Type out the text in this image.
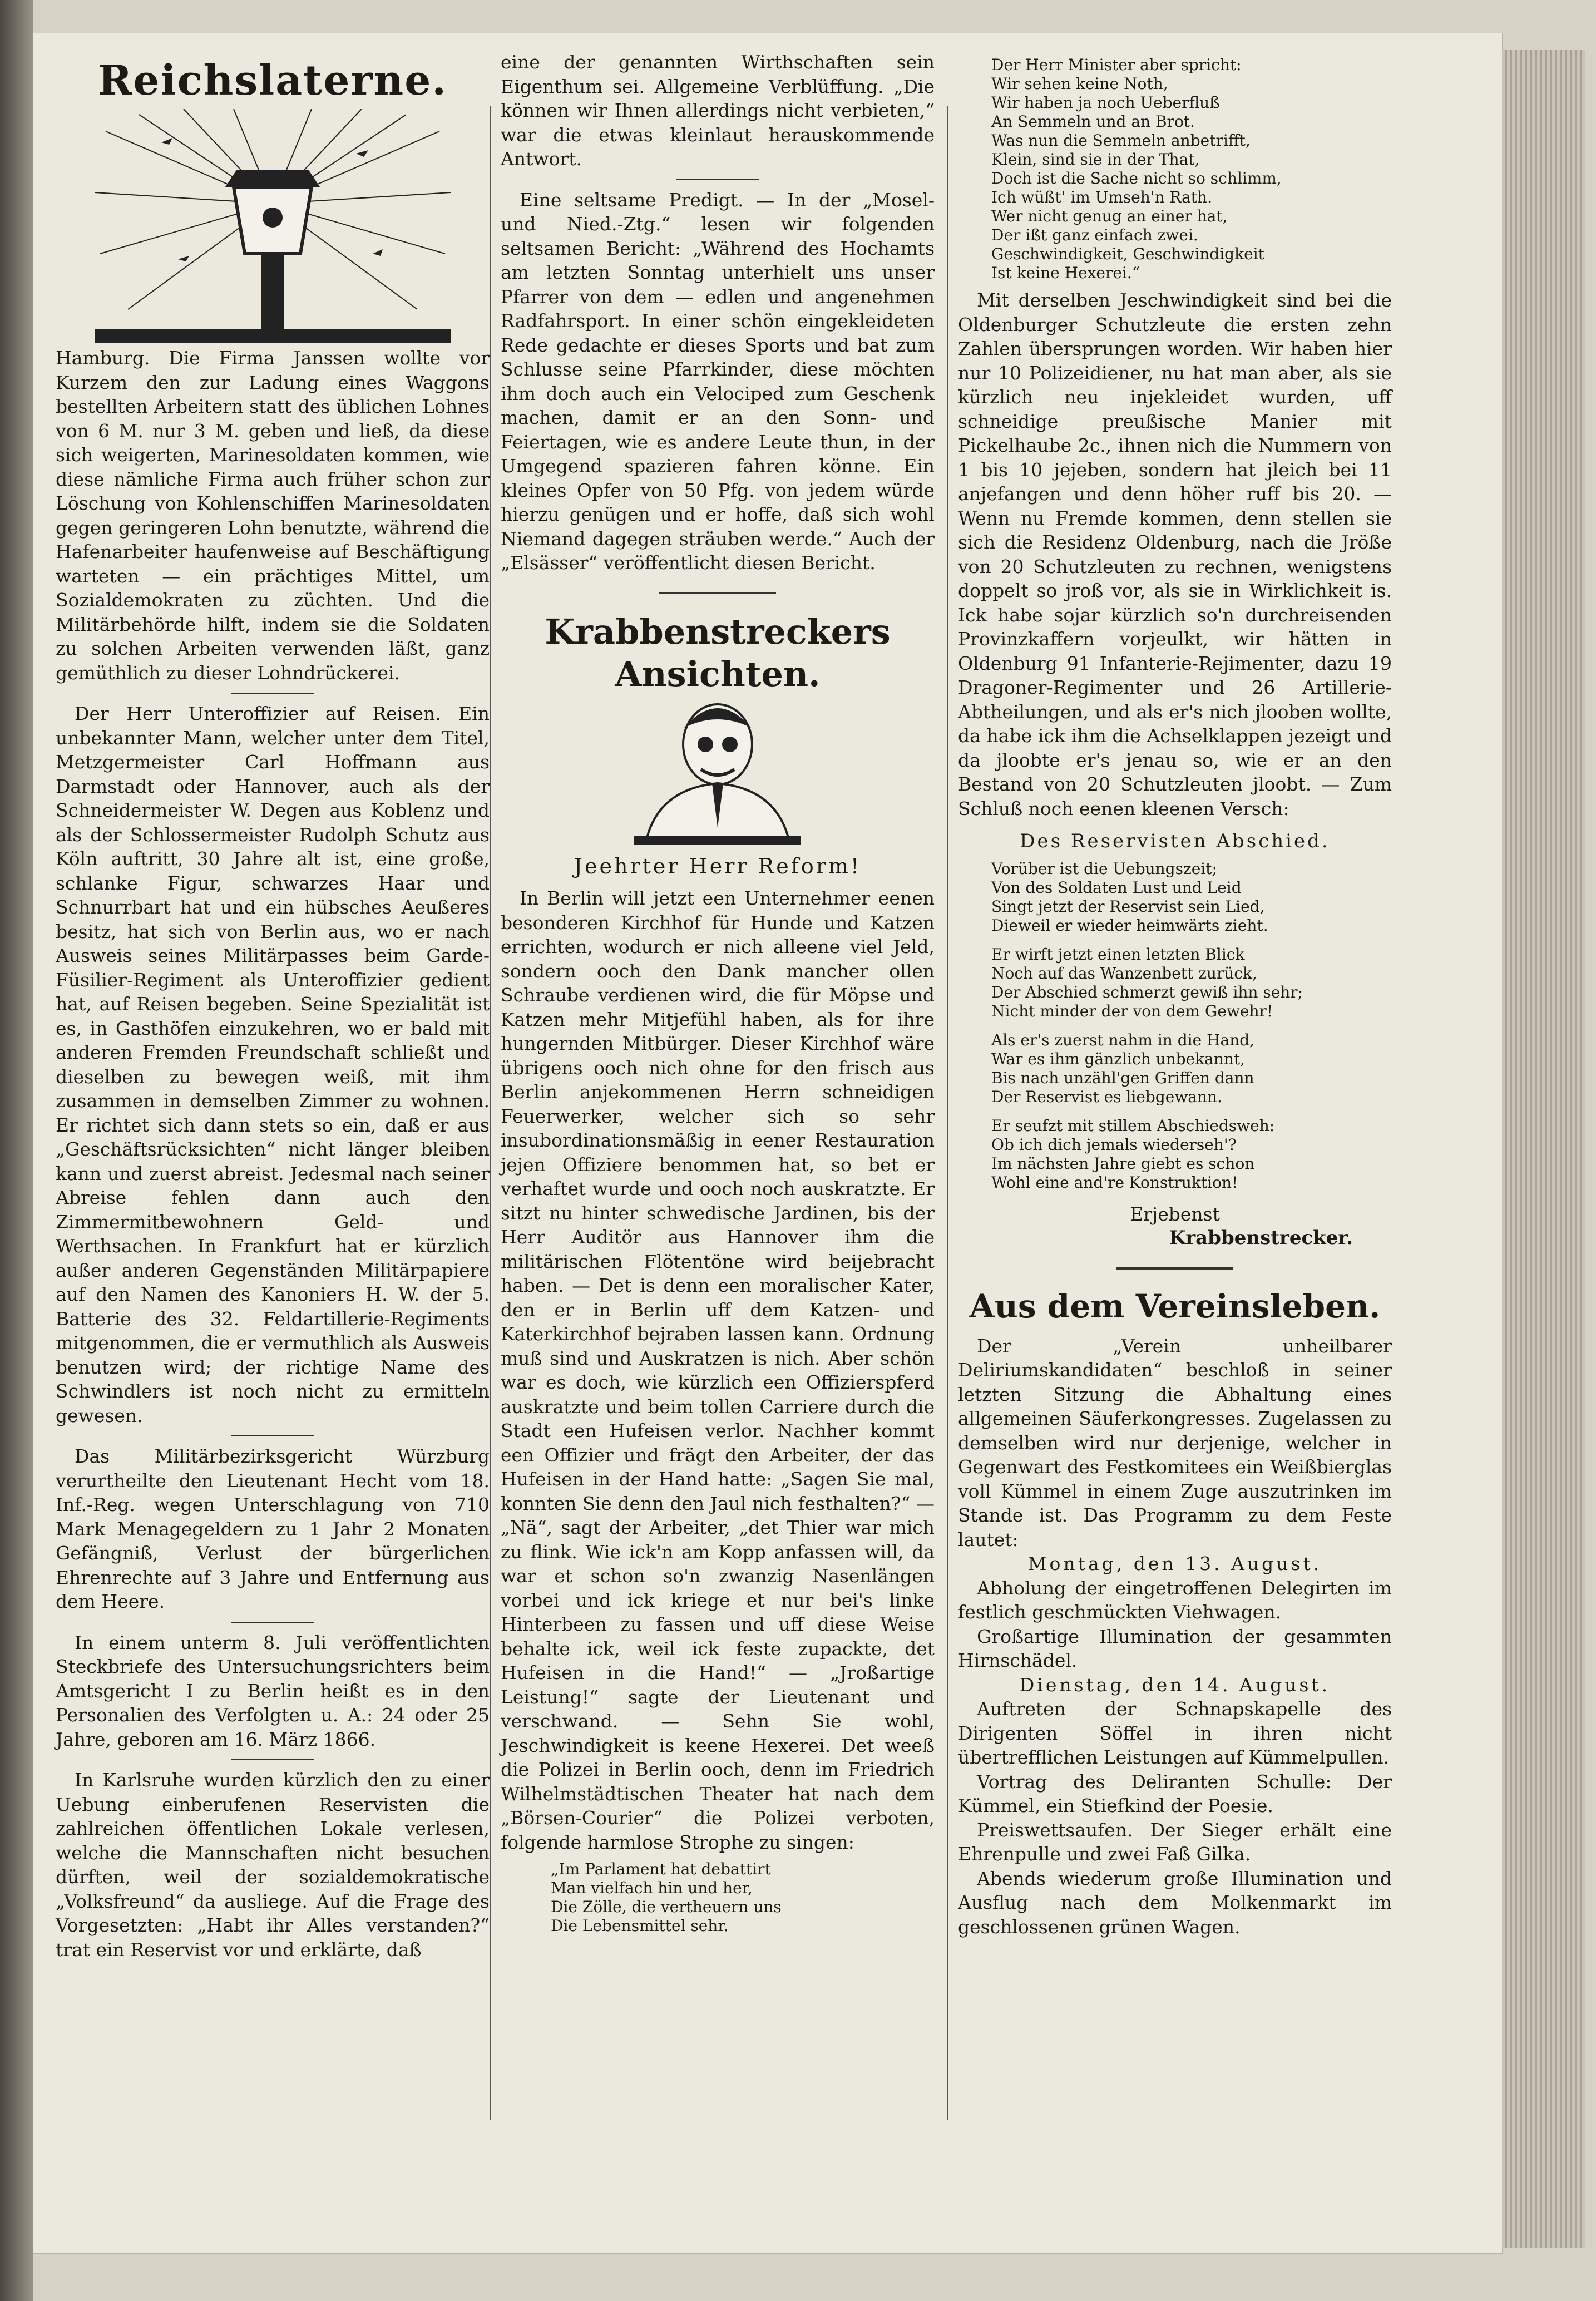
Reichslaterne.

Hamburg. Die Firma Janssen wollte vor Kurzem den zur Ladung eines Waggons bestellten Arbeitern statt des üblichen Lohnes von 6 M. nur 3 M. geben und ließ, da diese sich weigerten, Marinesoldaten kommen, wie diese nämliche Firma auch früher schon zur Löschung von Kohlenschiffen Marinesoldaten gegen geringeren Lohn benutzte, während die Hafenarbeiter haufenweise auf Beschäftigung warteten — ein prächtiges Mittel, um Sozialdemokraten zu züchten. Und die Militärbehörde hilft, indem sie die Soldaten zu solchen Arbeiten verwenden läßt, ganz gemüthlich zu dieser Lohndrückerei.

Der Herr Unteroffizier auf Reisen. Ein unbekannter Mann, welcher unter dem Titel, Metzgermeister Carl Hoffmann aus Darmstadt oder Hannover, auch als der Schneidermeister W. Degen aus Koblenz und als der Schlossermeister Rudolph Schutz aus Köln auftritt, 30 Jahre alt ist, eine große, schlanke Figur, schwarzes Haar und Schnurrbart hat und ein hübsches Aeußeres besitz, hat sich von Berlin aus, wo er nach Ausweis seines Militärpasses beim Garde-Füsilier-Regiment als Unteroffizier gedient hat, auf Reisen begeben. Seine Spezialität ist es, in Gasthöfen einzukehren, wo er bald mit anderen Fremden Freundschaft schließt und dieselben zu bewegen weiß, mit ihm zusammen in demselben Zimmer zu wohnen. Er richtet sich dann stets so ein, daß er aus „Geschäftsrücksichten“ nicht länger bleiben kann und zuerst abreist. Jedesmal nach seiner Abreise fehlen dann auch den Zimmermitbewohnern Geld- und Werthsachen. In Frankfurt hat er kürzlich außer anderen Gegenständen Militärpapiere auf den Namen des Kanoniers H. W. der 5. Batterie des 32. Feldartillerie-Regiments mitgenommen, die er vermuthlich als Ausweis benutzen wird; der richtige Name des Schwindlers ist noch nicht zu ermitteln gewesen.

Das Militärbezirksgericht Würzburg verurtheilte den Lieutenant Hecht vom 18. Inf.-Reg. wegen Unterschlagung von 710 Mark Menagegeldern zu 1 Jahr 2 Monaten Gefängniß, Verlust der bürgerlichen Ehrenrechte auf 3 Jahre und Entfernung aus dem Heere.

In einem unterm 8. Juli veröffentlichten Steckbriefe des Untersuchungsrichters beim Amtsgericht I zu Berlin heißt es in den Personalien des Verfolgten u. A.: 24 oder 25 Jahre, geboren am 16. März 1866.

In Karlsruhe wurden kürzlich den zu einer Uebung einberufenen Reservisten die zahlreichen öffentlichen Lokale verlesen, welche die Mannschaften nicht besuchen dürften, weil der sozialdemokratische „Volksfreund“ da ausliege. Auf die Frage des Vorgesetzten: „Habt ihr Alles verstanden?“ trat ein Reservist vor und erklärte, daß

eine der genannten Wirthschaften sein Eigenthum sei. Allgemeine Verblüffung. „Die können wir Ihnen allerdings nicht verbieten,“ war die etwas kleinlaut herauskommende Antwort.

Eine seltsame Predigt. — In der „Mosel- und Nied.-Ztg.“ lesen wir folgenden seltsamen Bericht: „Während des Hochamts am letzten Sonntag unterhielt uns unser Pfarrer von dem — edlen und angenehmen Radfahrsport. In einer schön eingekleideten Rede gedachte er dieses Sports und bat zum Schlusse seine Pfarrkinder, diese möchten ihm doch auch ein Velociped zum Geschenk machen, damit er an den Sonn- und Feiertagen, wie es andere Leute thun, in der Umgegend spazieren fahren könne. Ein kleines Opfer von 50 Pfg. von jedem würde hierzu genügen und er hoffe, daß sich wohl Niemand dagegen sträuben werde.“ Auch der „Elsässer“ veröffentlicht diesen Bericht.

Krabbenstreckers Ansichten.
Jeehrter Herr Reform!

In Berlin will jetzt een Unternehmer eenen besonderen Kirchhof für Hunde und Katzen errichten, wodurch er nich alleene viel Jeld, sondern ooch den Dank mancher ollen Schraube verdienen wird, die für Möpse und Katzen mehr Mitjefühl haben, als for ihre hungernden Mitbürger. Dieser Kirchhof wäre übrigens ooch nich ohne for den frisch aus Berlin anjekommenen Herrn schneidigen Feuerwerker, welcher sich so sehr insubordinationsmäßig in eener Restauration jejen Offiziere benommen hat, so bet er verhaftet wurde und ooch noch auskratzte. Er sitzt nu hinter schwedische Jardinen, bis der Herr Auditör aus Hannover ihm die militärischen Flötentöne wird beijebracht haben. — Det is denn een moralischer Kater, den er in Berlin uff dem Katzen- und Katerkirchhof bejraben lassen kann. Ordnung muß sind und Auskratzen is nich. Aber schön war es doch, wie kürzlich een Offizierspferd auskratzte und beim tollen Carriere durch die Stadt een Hufeisen verlor. Nachher kommt een Offizier und frägt den Arbeiter, der das Hufeisen in der Hand hatte: „Sagen Sie mal, konnten Sie denn den Jaul nich festhalten?“ — „Nä“, sagt der Arbeiter, „det Thier war mich zu flink. Wie ick'n am Kopp anfassen will, da war et schon so'n zwanzig Nasenlängen vorbei und ick kriege et nur bei's linke Hinterbeen zu fassen und uff diese Weise behalte ick, weil ick feste zupackte, det Hufeisen in die Hand!“ — „Jroßartige Leistung!“ sagte der Lieutenant und verschwand. — Sehn Sie wohl, Jeschwindigkeit is keene Hexerei. Det weeß die Polizei in Berlin ooch, denn im Friedrich Wilhelmstädtischen Theater hat nach dem „Börsen-Courier“ die Polizei verboten, folgende harmlose Strophe zu singen:

„Im Parlament hat debattirt
Man vielfach hin und her,
Die Zölle, die vertheuern uns
Die Lebensmittel sehr.
Der Herr Minister aber spricht:
Wir sehen keine Noth,
Wir haben ja noch Ueberfluß
An Semmeln und an Brot.
Was nun die Semmeln anbetrifft,
Klein, sind sie in der That,
Doch ist die Sache nicht so schlimm,
Ich wüßt' im Umseh'n Rath.
Wer nicht genug an einer hat,
Der ißt ganz einfach zwei.
Geschwindigkeit, Geschwindigkeit
Ist keine Hexerei.“

Mit derselben Jeschwindigkeit sind bei die Oldenburger Schutzleute die ersten zehn Zahlen übersprungen worden. Wir haben hier nur 10 Polizeidiener, nu hat man aber, als sie kürzlich neu injekleidet wurden, uff schneidige preußische Manier mit Pickelhaube 2c., ihnen nich die Nummern von 1 bis 10 jejeben, sondern hat jleich bei 11 anjefangen und denn höher ruff bis 20. — Wenn nu Fremde kommen, denn stellen sie sich die Residenz Oldenburg, nach die Jröße von 20 Schutzleuten zu rechnen, wenigstens doppelt so jroß vor, als sie in Wirklichkeit is. Ick habe sojar kürzlich so'n durchreisenden Provinzkaffern vorjeulkt, wir hätten in Oldenburg 91 Infanterie-Rejimenter, dazu 19 Dragoner-Regimenter und 26 Artillerie-Abtheilungen, und als er's nich jlooben wollte, da habe ick ihm die Achselklappen jezeigt und da jloobte er's jenau so, wie er an den Bestand von 20 Schutzleuten jloobt. — Zum Schluß noch eenen kleenen Versch:

Des Reservisten Abschied.
Vorüber ist die Uebungszeit;
Von des Soldaten Lust und Leid
Singt jetzt der Reservist sein Lied,
Dieweil er wieder heimwärts zieht.
Er wirft jetzt einen letzten Blick
Noch auf das Wanzenbett zurück,
Der Abschied schmerzt gewiß ihn sehr;
Nicht minder der von dem Gewehr!
Als er's zuerst nahm in die Hand,
War es ihm gänzlich unbekannt,
Bis nach unzähl'gen Griffen dann
Der Reservist es liebgewann.
Er seufzt mit stillem Abschiedsweh:
Ob ich dich jemals wiederseh'?
Im nächsten Jahre giebt es schon
Wohl eine and're Konstruktion!
Erjebenst
Krabbenstrecker.
Aus dem Vereinsleben.

Der „Verein unheilbarer Deliriumskandidaten“ beschloß in seiner letzten Sitzung die Abhaltung eines allgemeinen Säuferkongresses. Zugelassen zu demselben wird nur derjenige, welcher in Gegenwart des Festkomitees ein Weißbierglas voll Kümmel in einem Zuge auszutrinken im Stande ist. Das Programm zu dem Feste lautet:

Montag, den 13. August.

Abholung der eingetroffenen Delegirten im festlich geschmückten Viehwagen.

Großartige Illumination der gesammten Hirnschädel.

Dienstag, den 14. August.

Auftreten der Schnapskapelle des Dirigenten Söffel in ihren nicht übertrefflichen Leistungen auf Kümmelpullen.

Vortrag des Deliranten Schulle: Der Kümmel, ein Stiefkind der Poesie.

Preiswettsaufen. Der Sieger erhält eine Ehrenpulle und zwei Faß Gilka.

Abends wiederum große Illumination und Ausflug nach dem Molkenmarkt im geschlossenen grünen Wagen.
